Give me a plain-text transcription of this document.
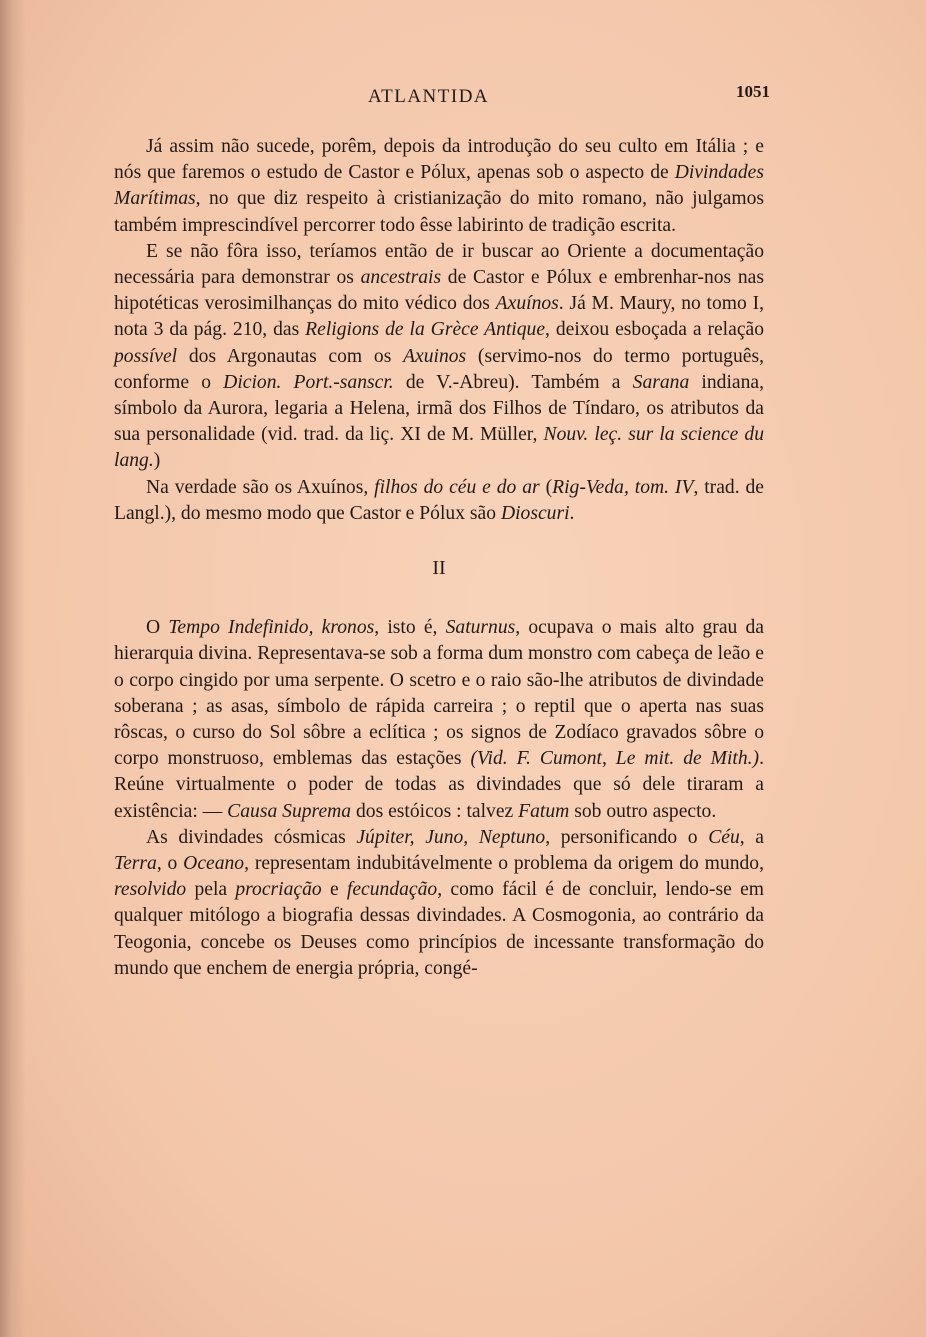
ATLANTIDA	1051

Já assim não sucede, porêm, depois da introdução do seu culto em Itália ; e nós que faremos o estudo de Castor e Pólux, apenas sob o aspecto de Divindades Marítimas, no que diz respeito à cristianização do mito romano, não julgamos também imprescindível percorrer todo êsse labirinto de tradição escrita.

E se não fôra isso, teríamos então de ir buscar ao Oriente a documentação necessária para demonstrar os ancestrais de Castor e Pólux e embrenhar-nos nas hipotéticas verosimilhanças do mito védico dos Axuínos. Já M. Maury, no tomo I, nota 3 da pág. 210, das Religions de la Grèce Antique, deixou esboçada a relação possível dos Argonautas com os Axuinos (servimo-nos do termo português, conforme o Dicion. Port.-sanscr. de V.-Abreu). Também a Sarana indiana, símbolo da Aurora, legaria a Helena, irmã dos Filhos de Tíndaro, os atributos da sua personalidade (vid. trad. da liç. XI de M. Müller, Nouv. leç. sur la science du lang.)

Na verdade são os Axuínos, filhos do céu e do ar (Rig-Veda, tom. IV, trad. de Langl.), do mesmo modo que Castor e Pólux são Dioscuri.

II

O Tempo Indefinido, kronos, isto é, Saturnus, ocupava o mais alto grau da hierarquia divina. Representava-se sob a forma dum monstro com cabeça de leão e o corpo cingido por uma serpente. O scetro e o raio são-lhe atributos de divindade soberana ; as asas, símbolo de rápida carreira ; o reptil que o aperta nas suas rôscas, o curso do Sol sôbre a eclítica ; os signos de Zodíaco gravados sôbre o corpo monstruoso, emblemas das estações (Vid. F. Cumont, Le mit. de Mith.). Reúne virtualmente o poder de todas as divindades que só dele tiraram a existência: — Causa Suprema dos estóicos : talvez Fatum sob outro aspecto.

As divindades cósmicas Júpiter, Juno, Neptuno, personificando o Céu, a Terra, o Oceano, representam indubitávelmente o problema da origem do mundo, resolvido pela procriação e fecundação, como fácil é de concluir, lendo-se em qualquer mitólogo a biografia dessas divindades. A Cosmogonia, ao contrário da Teogonia, concebe os Deuses como princípios de incessante transformação do mundo que enchem de energia própria, congé-
